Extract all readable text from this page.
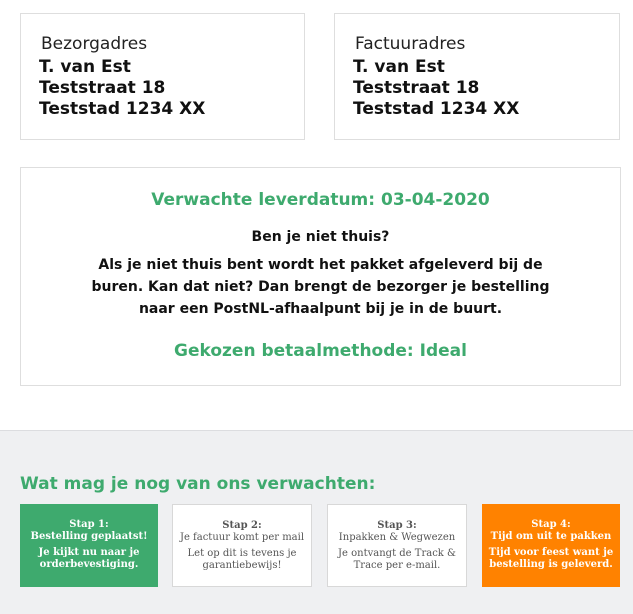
Bezorgadres
T. van Est
Teststraat 18
Teststad 1234 XX
Factuuradres
T. van Est
Teststraat 18
Teststad 1234 XX
Verwachte leverdatum: 03-04-2020
Ben je niet thuis?
Als je niet thuis bent wordt het pakket afgeleverd bij de buren. Kan dat niet? Dan brengt de bezorger je bestelling naar een PostNL-afhaalpunt bij je in de buurt.
Gekozen betaalmethode: Ideal
Wat mag je nog van ons verwachten:
Stap 1:
Bestelling geplaatst!
Je kijkt nu naar je orderbevestiging.
Stap 2:
Je factuur komt per mail
Let op dit is tevens je garantiebewijs!
Stap 3:
Inpakken & Wegwezen
Je ontvangt de Track & Trace per e-mail.
Stap 4:
Tijd om uit te pakken
Tijd voor feest want je bestelling is geleverd.
